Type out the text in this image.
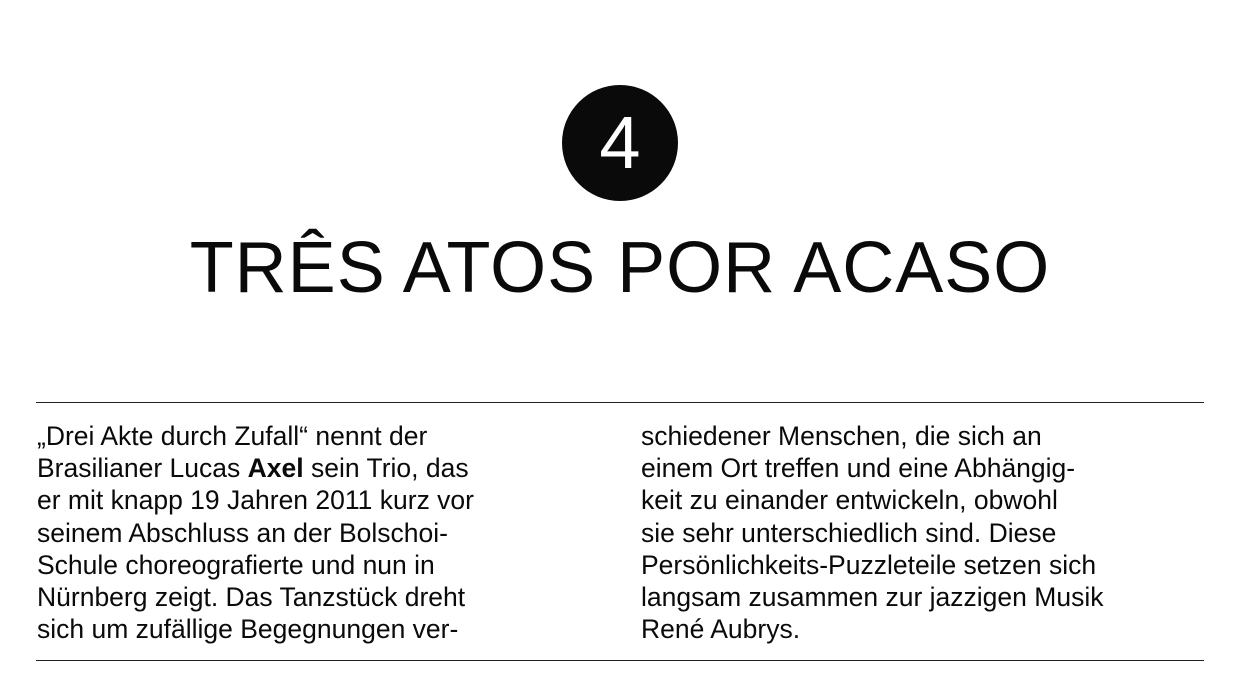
4
TRÊS ATOS POR ACASO
„Drei Akte durch Zufall“ nennt der
Brasilianer Lucas Axel sein Trio, das
er mit knapp 19 Jahren 2011 kurz vor
seinem Abschluss an der Bolschoi-
Schule choreografierte und nun in
Nürnberg zeigt. Das Tanzstück dreht
sich um zufällige Begegnungen ver-
schiedener Menschen, die sich an
einem Ort treffen und eine Abhängig-
keit zu einander entwickeln, obwohl
sie sehr unterschiedlich sind. Diese
Persönlichkeits-Puzzleteile setzen sich
langsam zusammen zur jazzigen Musik
René Aubrys.
